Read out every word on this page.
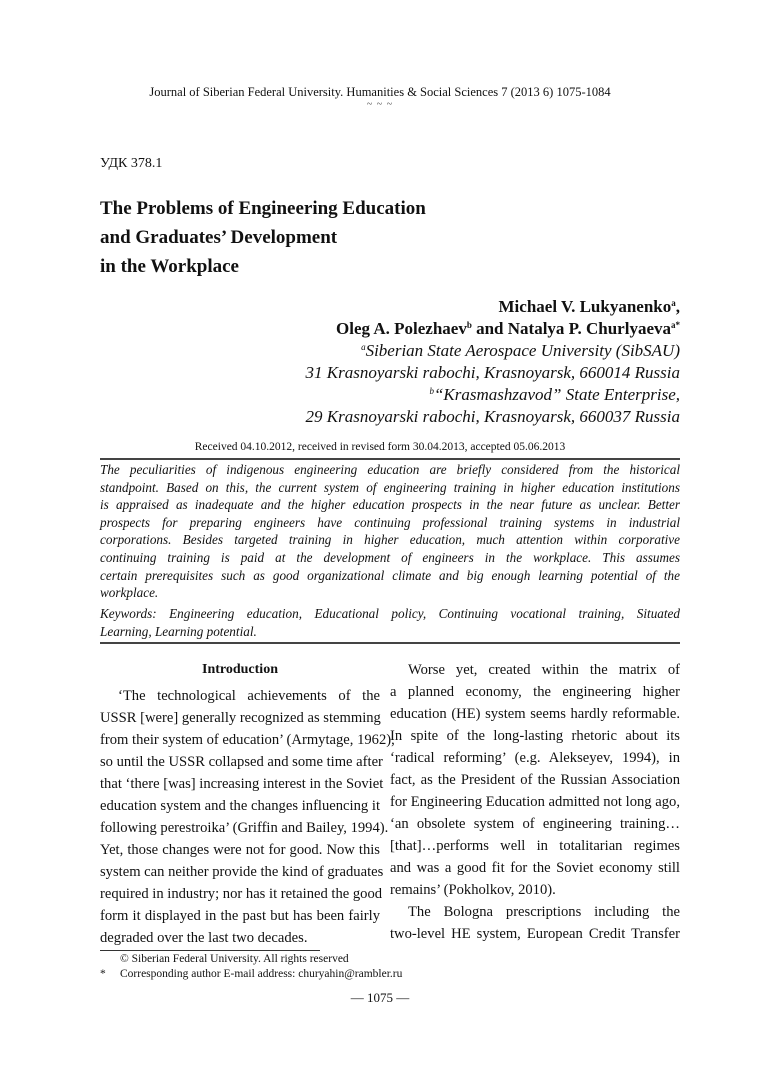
Journal of Siberian Federal University. Humanities & Social Sciences 7 (2013 6) 1075-1084
~ ~ ~
УДК 378.1
The Problems of Engineering Education
and Graduates’ Development
in the Workplace
Michael V. Lukyanenko$^a$,
Oleg A. Polezhaev$^b$ and Natalya P. Churlyaeva$^{a*}$
$^a$Siberian State Aerospace University (SibSAU)
31 Krasnoyarski rabochi, Krasnoyarsk, 660014 Russia
$^b$“Krasmashzavod” State Enterprise,
29 Krasnoyarski rabochi, Krasnoyarsk, 660037 Russia
Received 04.10.2012, received in revised form 30.04.2013, accepted 05.06.2013
The peculiarities of indigenous engineering education are briefly considered from the historical
standpoint. Based on this, the current system of engineering training in higher education institutions
is appraised as inadequate and the higher education prospects in the near future as unclear. Better
prospects for preparing engineers have continuing professional training systems in industrial
corporations. Besides targeted training in higher education, much attention within corporative
continuing training is paid at the development of engineers in the workplace. This assumes
certain prerequisites such as good organizational climate and big enough learning potential of the
workplace.
Keywords: Engineering education, Educational policy, Continuing vocational training, Situated
Learning, Learning potential.
Introduction
‘The technological achievements of the
USSR [were] generally recognized as stemming
from their system of education’ (Armytage, 1962),
so until the USSR collapsed and some time after
that ‘there [was] increasing interest in the Soviet
education system and the changes influencing it
following perestroika’ (Griffin and Bailey, 1994).
Yet, those changes were not for good. Now this
system can neither provide the kind of graduates
required in industry; nor has it retained the good
form it displayed in the past but has been fairly
degraded over the last two decades.
Worse yet, created within the matrix of
a planned economy, the engineering higher
education (HE) system seems hardly reformable.
In spite of the long-lasting rhetoric about its
‘radical reforming’ (e.g. Alekseyev, 1994), in
fact, as the President of the Russian Association
for Engineering Education admitted not long ago,
‘an obsolete system of engineering training…
[that]…performs well in totalitarian regimes
and was a good fit for the Soviet economy still
remains’ (Pokholkov, 2010).
The Bologna prescriptions including the
two-level HE system, European Credit Transfer
© Siberian Federal University. All rights reserved
* Corresponding author E-mail address: churyahin@rambler.ru
— 1075 —
